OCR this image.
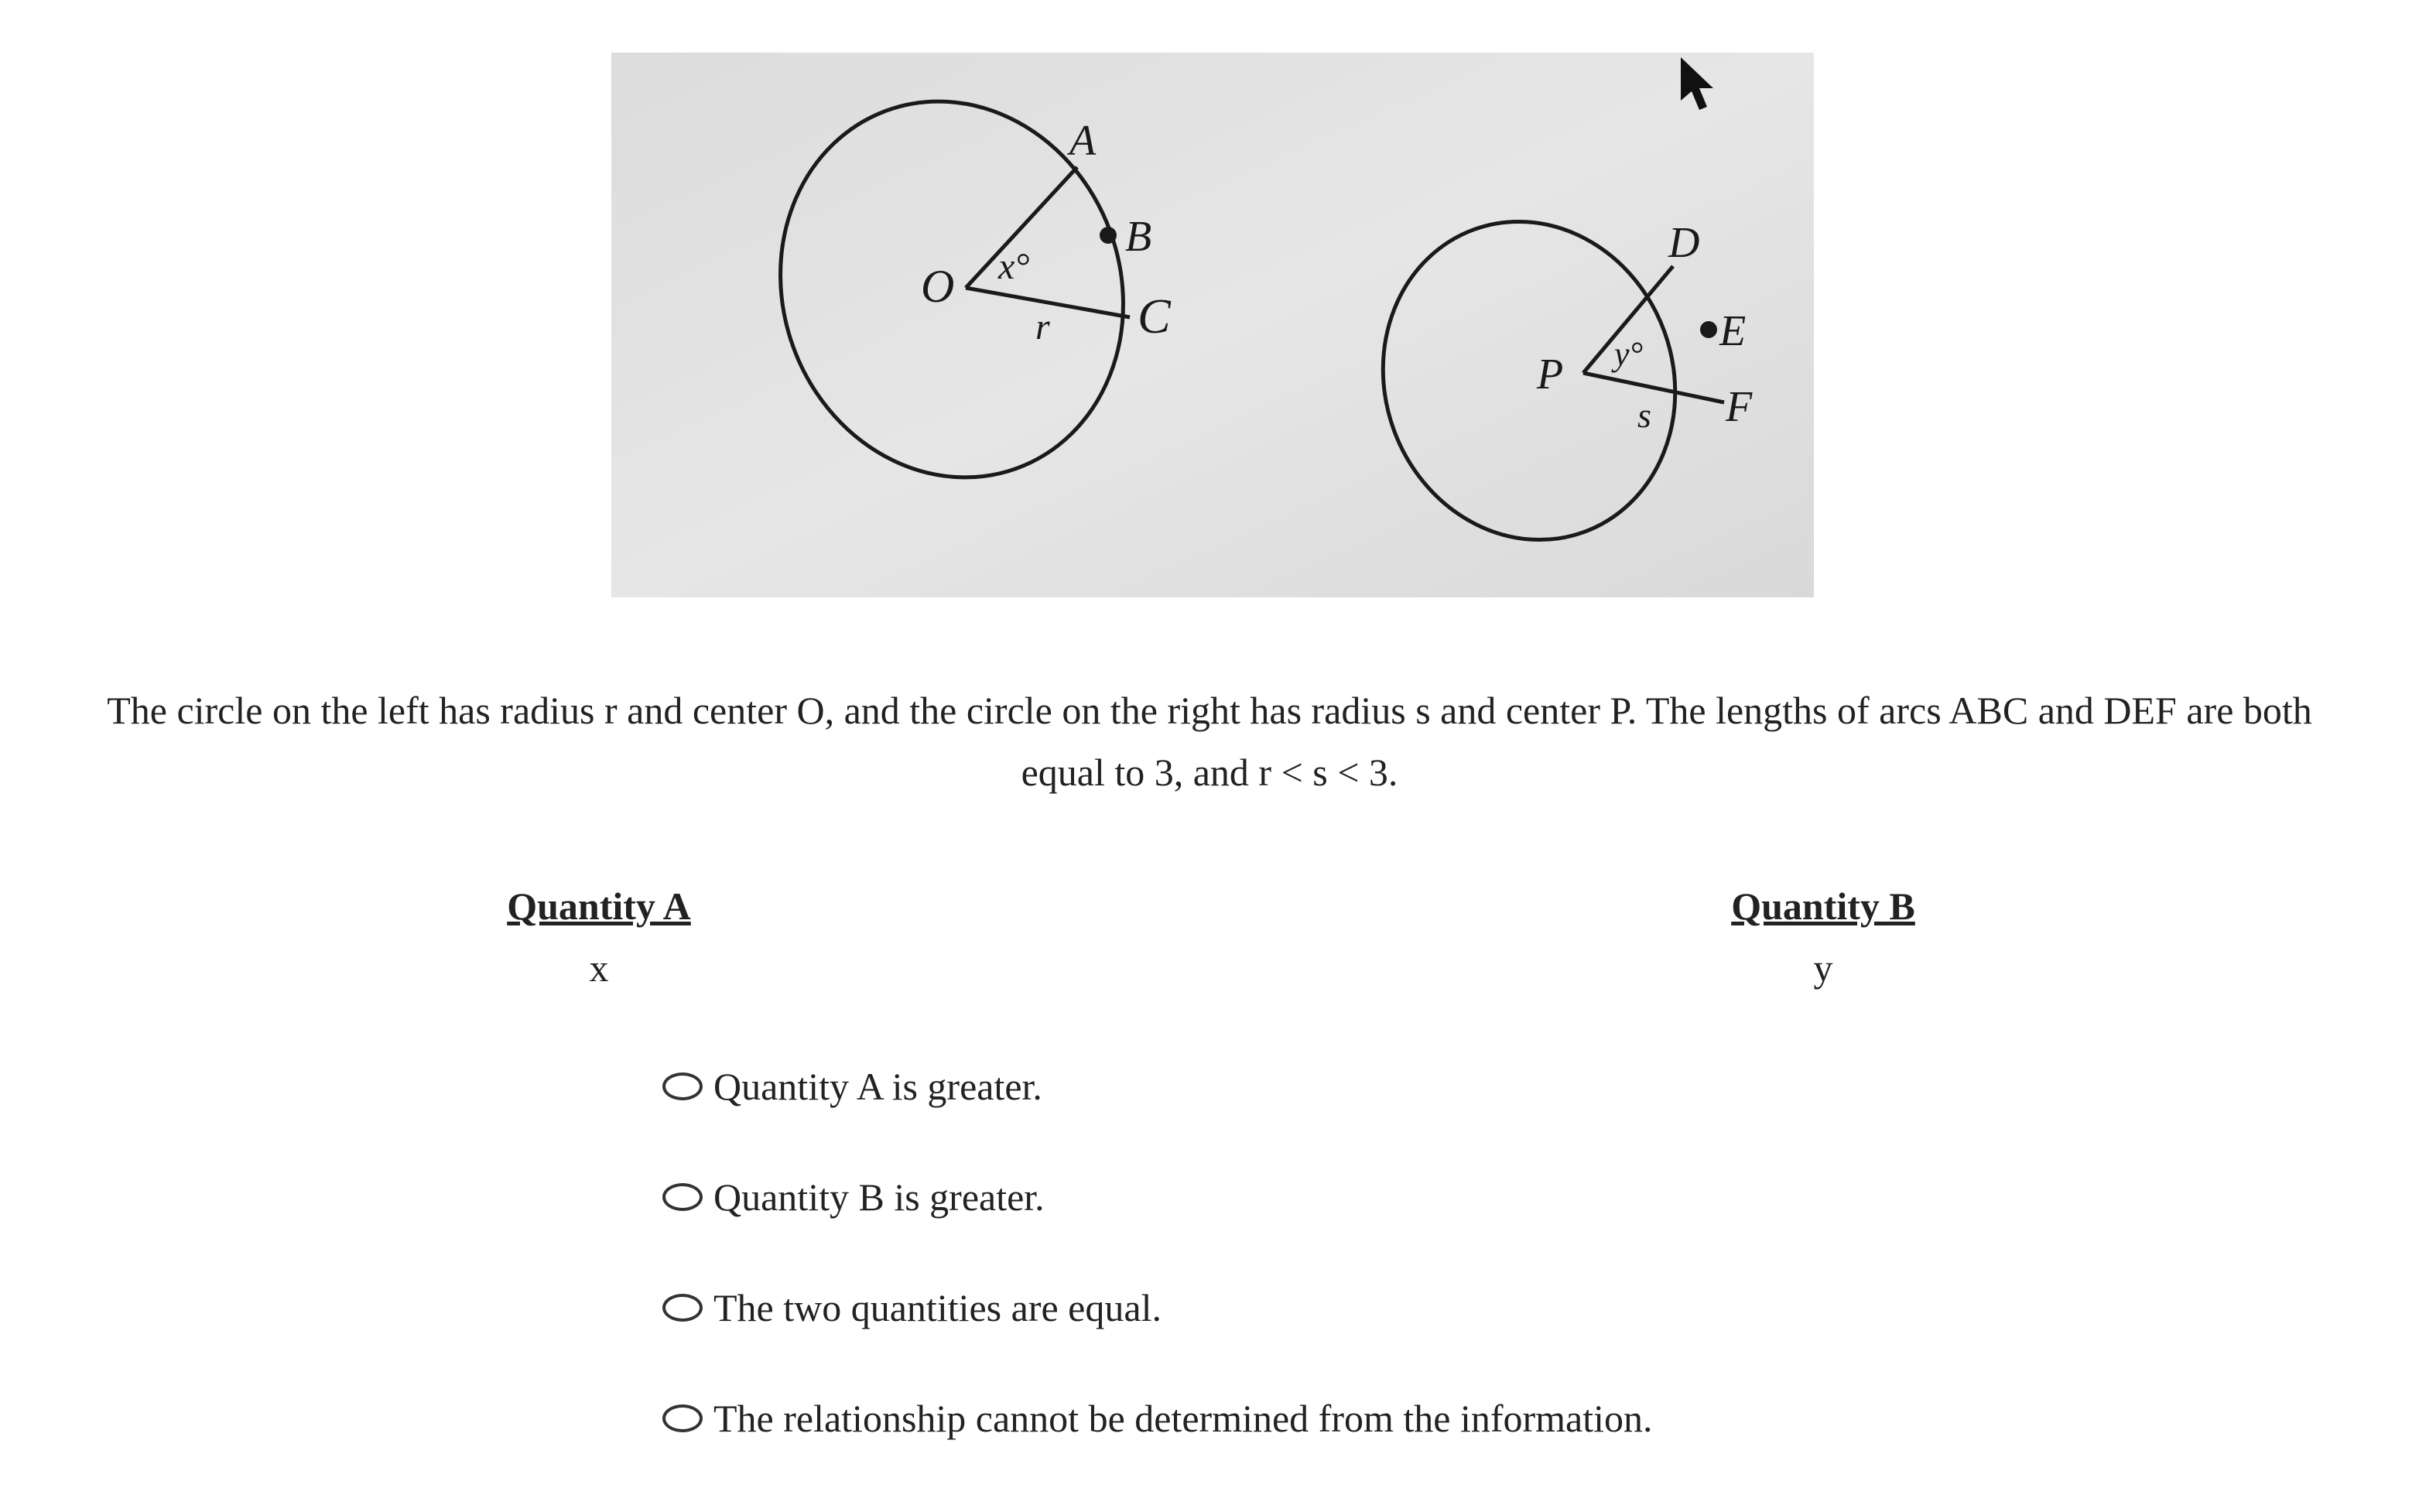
O
A
B
C
x°
r
P
D
E
F
y°
s

The circle on the left has radius r and center O, and the circle on the right has radius s and center P. The lengths of arcs ABC and DEF are both equal to 3, and r < s < 3.

Quantity A
x
Quantity B
y
Quantity A is greater.
Quantity B is greater.
The two quantities are equal.
The relationship cannot be determined from the information.
